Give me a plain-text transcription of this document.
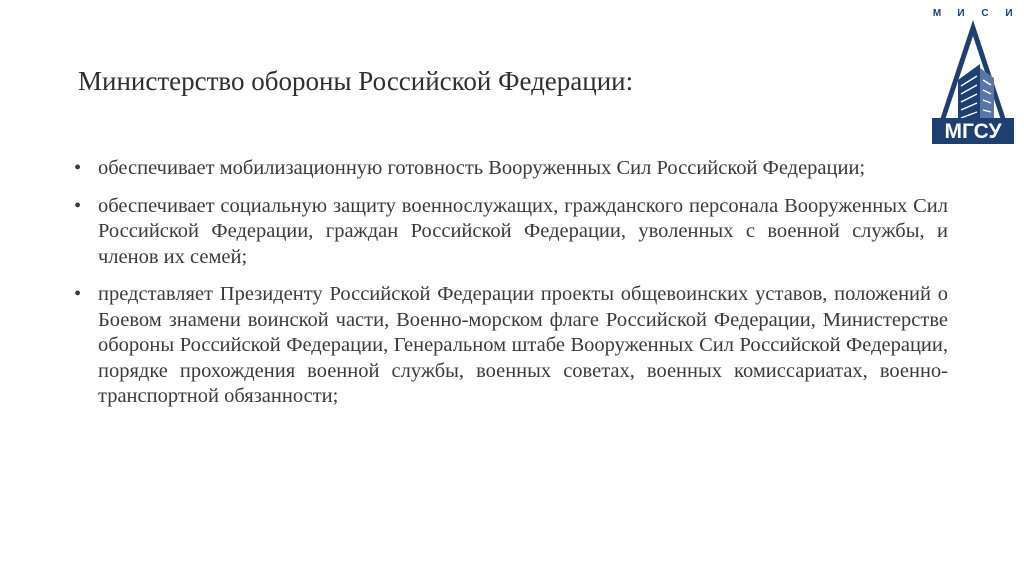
Министерство обороны Российской Федерации:
• обеспечивает мобилизационную готовность Вооруженных Сил Российской Федерации;
• обеспечивает социальную защиту военнослужащих, гражданского персонала Вооруженных Сил Российской Федерации, граждан Российской Федерации, уволенных с военной службы, и членов их семей;
• представляет Президенту Российской Федерации проекты общевоинских уставов, положений о Боевом знамени воинской части, Военно-морском флаге Российской Федерации, Министерстве обороны Российской Федерации, Генеральном штабе Вооруженных Сил Российской Федерации, порядке прохождения военной службы, военных советах, военных комиссариатах, военно-транспортной обязанности;
М	И	С	И
МГСУ
